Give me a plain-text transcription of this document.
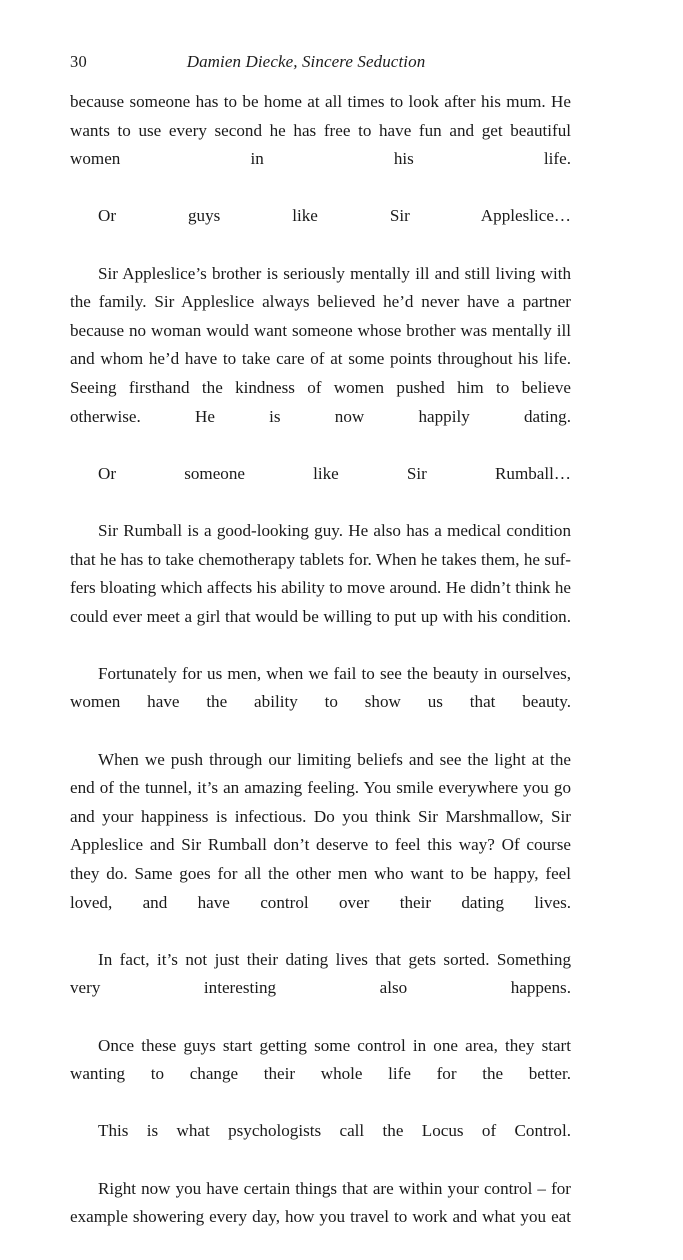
30	Damien Diecke, Sincere Seduction

because someone has to be home at all times to look after his mum. He wants to use every second he has free to have fun and get beautiful women in his life.

Or guys like Sir Appleslice…

Sir Appleslice’s brother is seriously mentally ill and still living with the family. Sir Appleslice always believed he’d never have a partner because no woman would want someone whose brother was mentally ill and whom he’d have to take care of at some points throughout his life. Seeing firsthand the kindness of women pushed him to believe otherwise. He is now happily dating.

Or someone like Sir Rumball…

Sir Rumball is a good-looking guy. He also has a medical condition that he has to take chemotherapy tablets for. When he takes them, he suf-fers bloating which affects his ability to move around. He didn’t think he could ever meet a girl that would be willing to put up with his condition.

Fortunately for us men, when we fail to see the beauty in ourselves, women have the ability to show us that beauty.

When we push through our limiting beliefs and see the light at the end of the tunnel, it’s an amazing feeling. You smile everywhere you go and your happiness is infectious. Do you think Sir Marshmallow, Sir Appleslice and Sir Rumball don’t deserve to feel this way? Of course they do. Same goes for all the other men who want to be happy, feel loved, and have control over their dating lives.

In fact, it’s not just their dating lives that gets sorted. Something very interesting also happens.

Once these guys start getting some control in one area, they start wanting to change their whole life for the better.

This is what psychologists call the Locus of Control.

Right now you have certain things that are within your control – for example showering every day, how you travel to work and what you eat
